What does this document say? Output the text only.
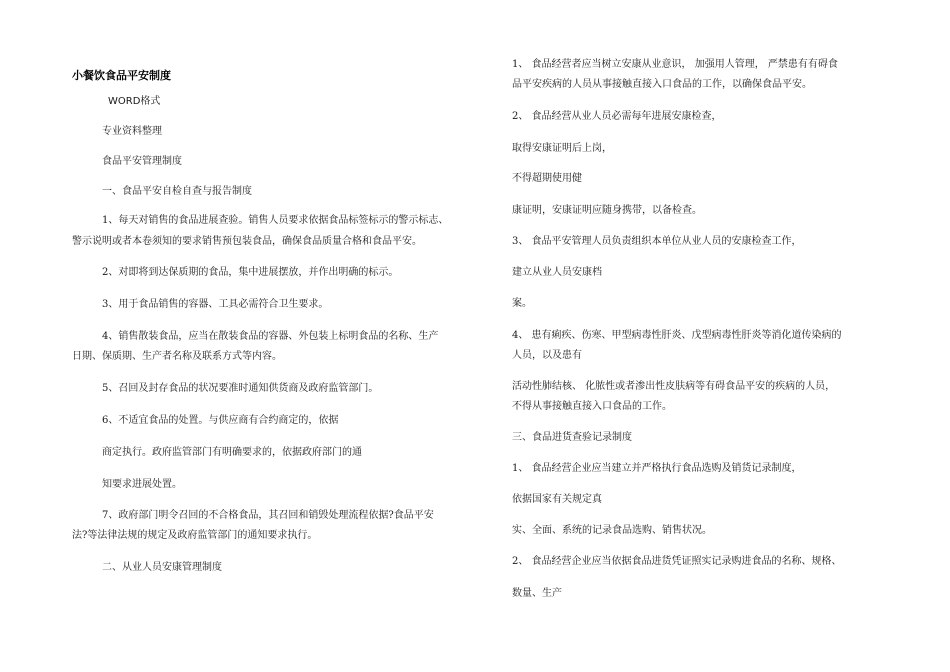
小餐饮食品平安制度
WORD格式
专业资料整理
食品平安管理制度
一、食品平安自检自查与报告制度
1、每天对销售的食品进展查验。销售人员要求依据食品标签标示的警示标志、
警示说明或者本卷须知的要求销售预包装食品，确保食品质量合格和食品平安。
2、对即将到达保质期的食品，集中进展摆放，并作出明确的标示。
3、用于食品销售的容器、工具必需符合卫生要求。
4、销售散装食品，应当在散装食品的容器、外包装上标明食品的名称、生产
日期、保质期、生产者名称及联系方式等内容。
5、召回及封存食品的状况要准时通知供货商及政府监管部门。
6、不适宜食品的处置。与供应商有合约商定的，依据
商定执行。政府监管部门有明确要求的，依据政府部门的通
知要求进展处置。
7、政府部门明令召回的不合格食品，其召回和销毁处理流程依据?食品平安
法?等法律法规的规定及政府监管部门的通知要求执行。
二、从业人员安康管理制度
1、 食品经营者应当树立安康从业意识， 加强用人管理， 严禁患有有碍食
品平安疾病的人员从事接触直接入口食品的工作，以确保食品平安。
2、 食品经营从业人员必需每年进展安康检查，
取得安康证明后上岗，
不得超期使用健
康证明，安康证明应随身携带，以备检查。
3、 食品平安管理人员负责组织本单位从业人员的安康检查工作，
建立从业人员安康档
案。
4、 患有痢疾、伤寒、甲型病毒性肝炎、戊型病毒性肝炎等消化道传染病的
人员，以及患有
活动性肺结核、 化脓性或者渗出性皮肤病等有碍食品平安的疾病的人员，
不得从事接触直接入口食品的工作。
三、食品进货查验记录制度
1、 食品经营企业应当建立并严格执行食品选购及销货记录制度，
依据国家有关规定真
实、全面、系统的记录食品选购、销售状况。
2、 食品经营企业应当依据食品进货凭证照实记录购进食品的名称、规格、
数量、生产
